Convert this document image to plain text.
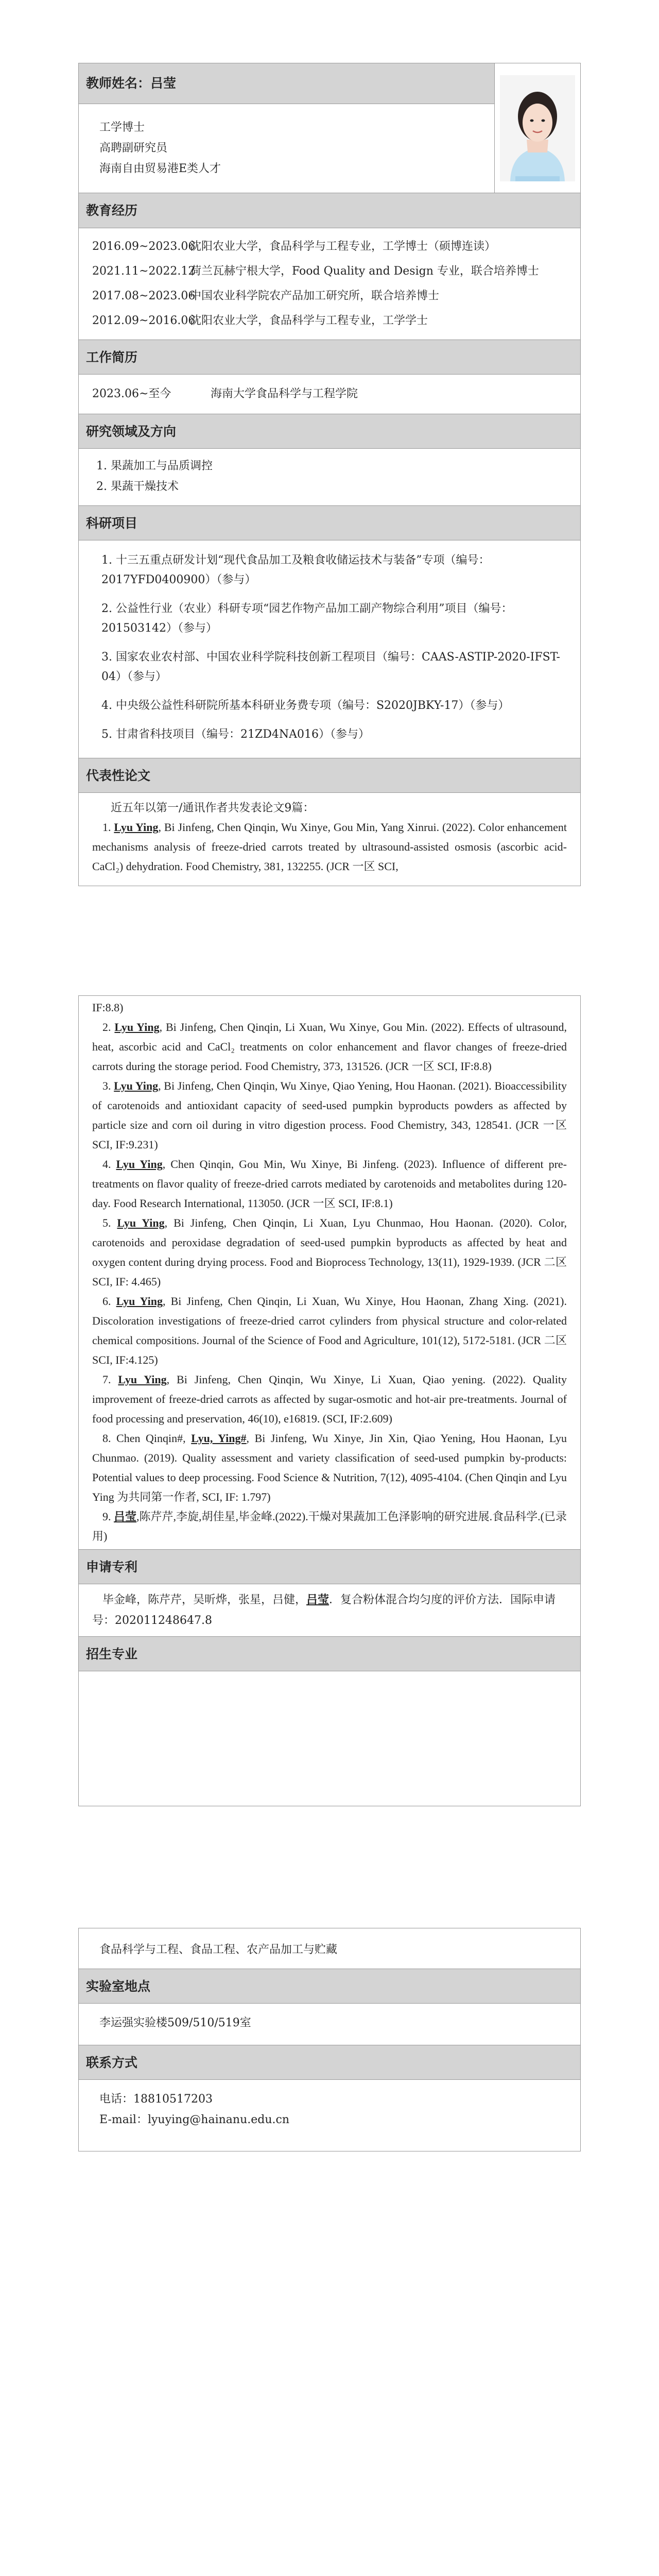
教师姓名：吕莹
工学博士
高聘副研究员
海南自由贸易港E类人才
教育经历
2016.09~2023.06
沈阳农业大学，食品科学与工程专业，工学博士（硕博连读）
2021.11~2022.12
荷兰瓦赫宁根大学，Food Quality and Design 专业，联合培养博士
2017.08~2023.06
中国农业科学院农产品加工研究所，联合培养博士
2012.09~2016.06
沈阳农业大学，食品科学与工程专业，工学学士
工作简历
2023.06~至今	海南大学食品科学与工程学院
研究领域及方向
1. 果蔬加工与品质调控
2. 果蔬干燥技术
科研项目
1. 十三五重点研发计划“现代食品加工及粮食收储运技术与装备”专项（编号：2017YFD0400900）（参与）
2. 公益性行业（农业）科研专项“园艺作物产品加工副产物综合利用”项目（编号：201503142）（参与）
3. 国家农业农村部、中国农业科学院科技创新工程项目（编号：CAAS-ASTIP-2020-IFST-04）（参与）
4. 中央级公益性科研院所基本科研业务费专项（编号：S2020JBKY-17）（参与）
5. 甘肃省科技项目（编号：21ZD4NA016）（参与）
代表性论文
近五年以第一/通讯作者共发表论文9篇：
1. Lyu Ying, Bi Jinfeng, Chen Qinqin, Wu Xinye, Gou Min, Yang Xinrui. (2022). Color enhancement mechanisms analysis of freeze-dried carrots treated by ultrasound-assisted osmosis (ascorbic acid-CaCl₂) dehydration. Food Chemistry, 381, 132255. (JCR 一区 SCI,
IF:8.8)
2. Lyu Ying, Bi Jinfeng, Chen Qinqin, Li Xuan, Wu Xinye, Gou Min. (2022). Effects of ultrasound, heat, ascorbic acid and CaCl₂ treatments on color enhancement and flavor changes of freeze-dried carrots during the storage period. Food Chemistry, 373, 131526. (JCR 一区 SCI, IF:8.8)
3. Lyu Ying, Bi Jinfeng, Chen Qinqin, Wu Xinye, Qiao Yening, Hou Haonan. (2021). Bioaccessibility of carotenoids and antioxidant capacity of seed-used pumpkin byproducts powders as affected by particle size and corn oil during in vitro digestion process. Food Chemistry, 343, 128541. (JCR 一区 SCI, IF:9.231)
4. Lyu Ying, Chen Qinqin, Gou Min, Wu Xinye, Bi Jinfeng. (2023). Influence of different pre-treatments on flavor quality of freeze-dried carrots mediated by carotenoids and metabolites during 120-day. Food Research International, 113050. (JCR 一区 SCI, IF:8.1)
5. Lyu Ying, Bi Jinfeng, Chen Qinqin, Li Xuan, Lyu Chunmao, Hou Haonan. (2020). Color, carotenoids and peroxidase degradation of seed-used pumpkin byproducts as affected by heat and oxygen content during drying process. Food and Bioprocess Technology, 13(11), 1929-1939. (JCR 二区 SCI, IF: 4.465)
6. Lyu Ying, Bi Jinfeng, Chen Qinqin, Li Xuan, Wu Xinye, Hou Haonan, Zhang Xing. (2021). Discoloration investigations of freeze-dried carrot cylinders from physical structure and color-related chemical compositions. Journal of the Science of Food and Agriculture, 101(12), 5172-5181. (JCR 二区 SCI, IF:4.125)
7. Lyu Ying, Bi Jinfeng, Chen Qinqin, Wu Xinye, Li Xuan, Qiao yening. (2022). Quality improvement of freeze-dried carrots as affected by sugar-osmotic and hot-air pre-treatments. Journal of food processing and preservation, 46(10), e16819. (SCI, IF:2.609)
8. Chen Qinqin#, Lyu, Ying#, Bi Jinfeng, Wu Xinye, Jin Xin, Qiao Yening, Hou Haonan, Lyu Chunmao. (2019). Quality assessment and variety classification of seed-used pumpkin by-products: Potential values to deep processing. Food Science & Nutrition, 7(12), 4095-4104. (Chen Qinqin and Lyu Ying 为共同第一作者, SCI, IF: 1.797)
9. 吕莹,陈芹芹,李旋,胡佳星,毕金峰.(2022).干燥对果蔬加工色泽影响的研究进展.食品科学.(已录用)
申请专利
毕金峰，陈芹芹，吴昕烨，张星，吕健，吕莹．复合粉体混合均匀度的评价方法．国际申请号：202011248647.8
招生专业
食品科学与工程、食品工程、农产品加工与贮藏
实验室地点
李运强实验楼509/510/519室
联系方式
电话：18810517203
E-mail：lyuying@hainanu.edu.cn
